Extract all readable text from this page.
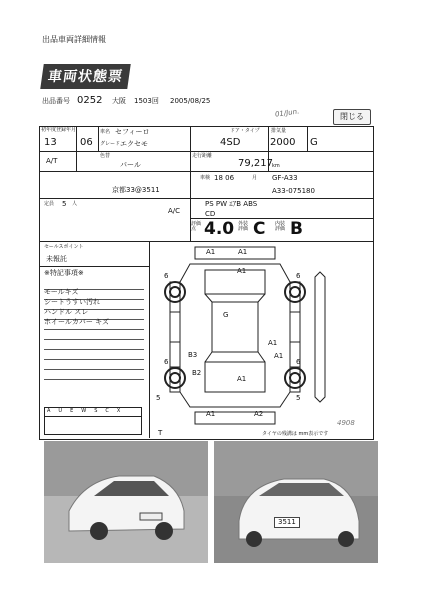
出品車両詳細情報
車両状態票
出品番号 0252 大阪 1503回 2005/08/25
01/Jun.	閉じる
初年度登録年月
13 06
車名 セフィーロ
グレード エクセモ
ドア・タイプ
4SD
排気量
2000 G
A/T
色替
パール
走行距離
79,217 km
車検 18 06	月 GF-A33
京都33@3511	A33-075180
定員 5 人
A/C
PS PW ｴｱB ABS
CD
評価点 4.0 外装評価 C 内装評価 B
セールスポイント
未報託
※特記事項※
モールキズ
シートうすい汚れ
ハンドル スレ
ホイールカバー キズ
AUEWSCX
A1	A1
A1
G
A1
B3
B2
A1
A1
A1	A2
6	6
6	6
5	5
T	タイヤの残溝は mm表示です
4908
3511
